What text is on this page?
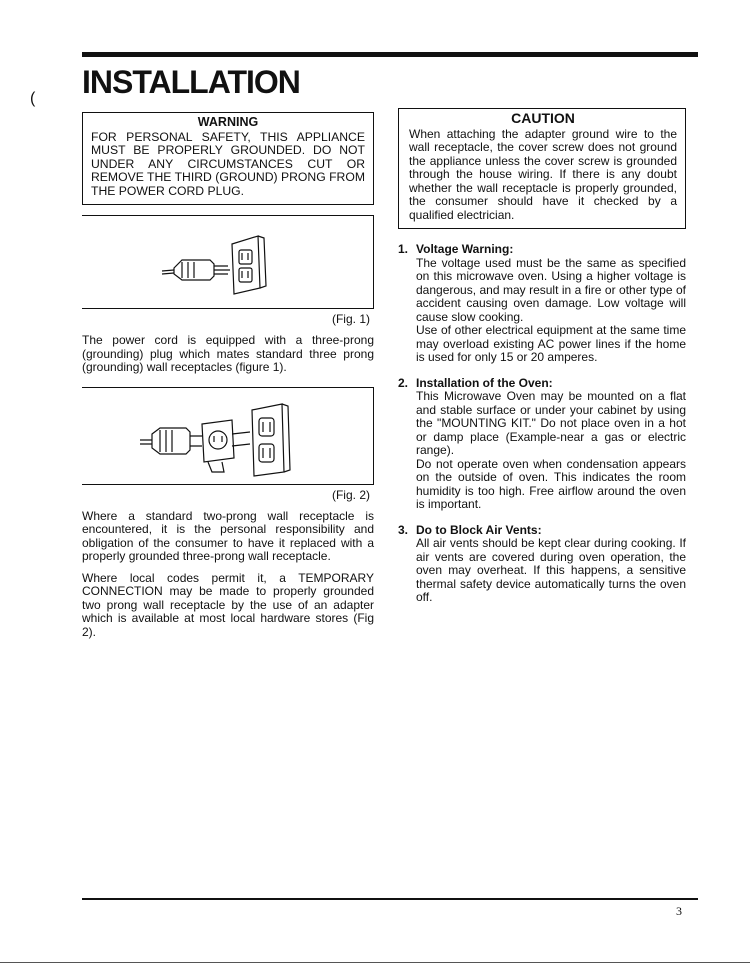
( INSTALLATION
WARNING
FOR PERSONAL SAFETY, THIS APPLIANCE MUST BE PROPERLY GROUNDED. DO NOT UNDER ANY CIRCUMSTANCES CUT OR REMOVE THE THIRD (GROUND) PRONG FROM THE POWER CORD PLUG.
(Fig. 1)

The power cord is equipped with a three-prong (grounding) plug which mates standard three prong (grounding) wall receptacles (figure 1).

(Fig. 2)

Where a standard two-prong wall receptacle is encountered, it is the personal responsibility and obligation of the consumer to have it replaced with a properly grounded three-prong wall receptacle.

Where local codes permit it, a TEMPORARY CONNECTION may be made to properly grounded two prong wall receptacle by the use of an adapter which is available at most local hardware stores (Fig 2).

CAUTION
When attaching the adapter ground wire to the wall receptacle, the cover screw does not ground the appliance unless the cover screw is grounded through the house wiring. If there is any doubt whether the wall receptacle is properly grounded, the consumer should have it checked by a qualified electrician.
1. Voltage Warning:

The voltage used must be the same as specified on this microwave oven. Using a higher voltage is dangerous, and may result in a fire or other type of accident causing oven damage. Low voltage will cause slow cooking.

Use of other electrical equipment at the same time may overload existing AC power lines if the home is used for only 15 or 20 amperes.

2. Installation of the Oven:

This Microwave Oven may be mounted on a flat and stable surface or under your cabinet by using the "MOUNTING KIT." Do not place oven in a hot or damp place (Example-near a gas or electric range).

Do not operate oven when condensation appears on the outside of oven. This indicates the room humidity is too high. Free airflow around the oven is important.

3. Do to Block Air Vents:

All air vents should be kept clear during cooking. If air vents are covered during oven operation, the oven may overheat. If this happens, a sensitive thermal safety device automatically turns the oven off.

3
